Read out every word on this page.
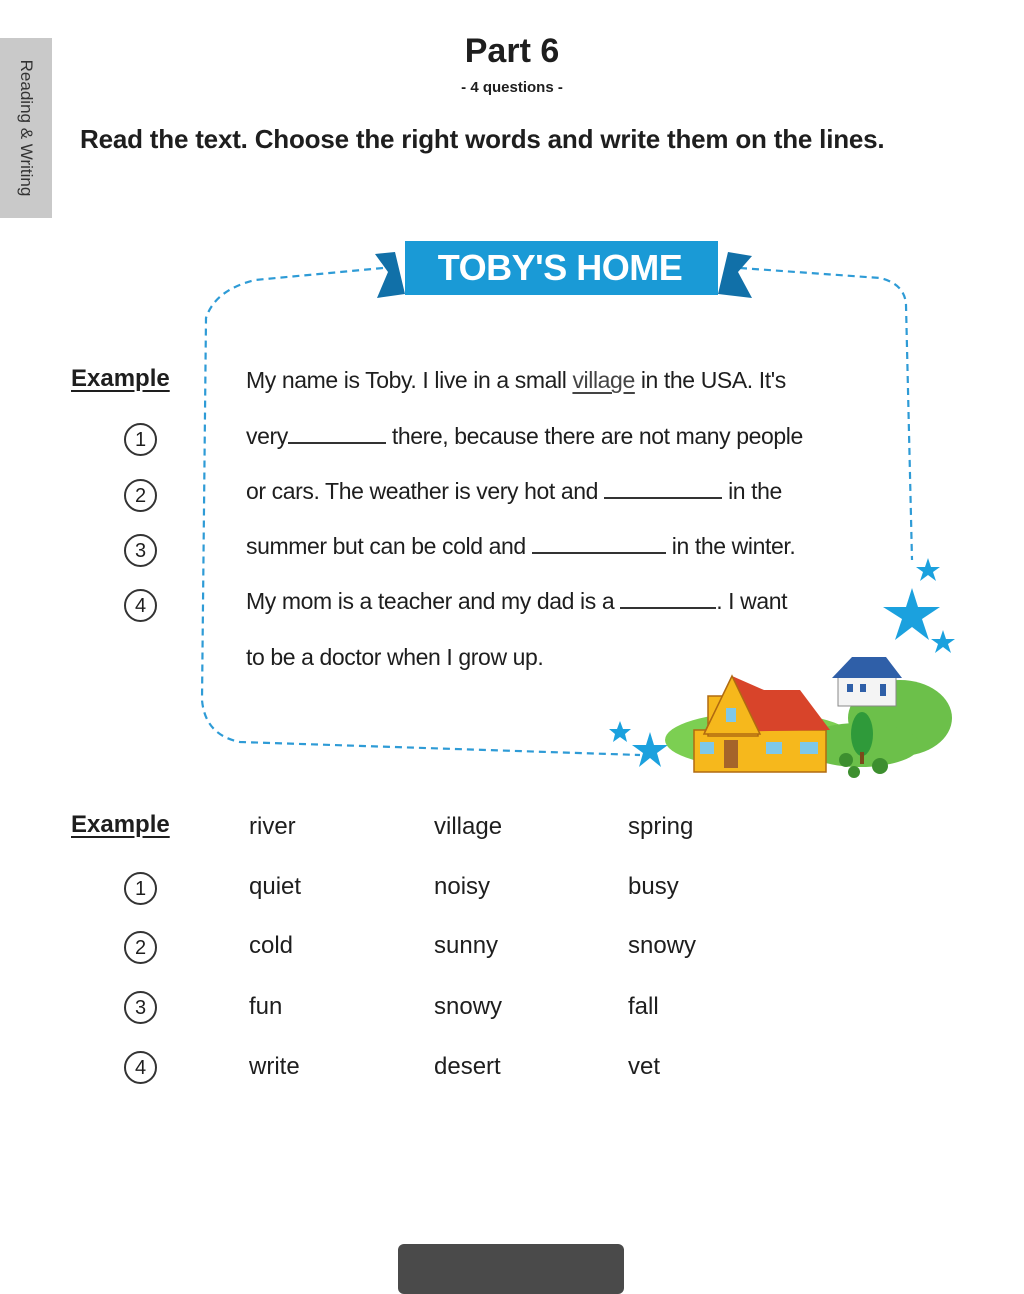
Reading & Writing
Part 6
- 4 questions -
Read the text. Choose the right words and write them on the lines.
TOBY'S HOME
Example
1
2
3
4
My name is Toby. I live in a small village in the USA. It's
very	there, because there are not many people
or cars. The weather is very hot and	in the
summer but can be cold and	in the winter.
My mom is a teacher and my dad is a	. I want
to be a doctor when I grow up.
Example	river	village	spring
1	quiet	noisy	busy
2	cold	sunny	snowy
3	fun	snowy	fall
4	write	desert	vet
